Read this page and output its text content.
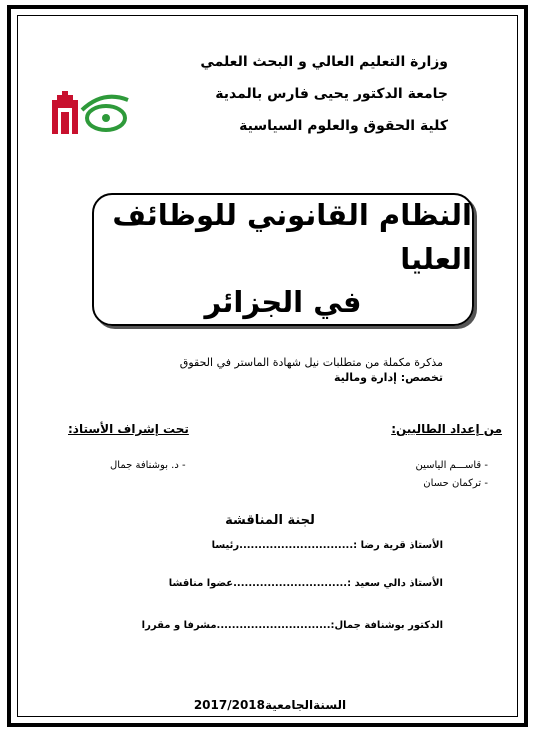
وزارة التعليم العالي و البحث العلمي
جامعة الدكتور يحيى فارس بالمدية
كلية الحقوق والعلوم السياسية
النظام القانوني للوظائف العليا
في الجزائر
مذكرة مكملة من متطلبات نيل شهادة الماستر في الحقوق
تخصص: إدارة ومالية
من إعداد الطالبين:
تحت إشراف الأستاذ:
- قاســـم الياسين
- تركمان حسان
- د. بوشنافة جمال
لجنة المناقشة
الأستاذ قرية رضا :..............................رئيسا
الأستاذ دالي سعيد :..............................عضوا مناقشا
الدكتور بوشنافة جمال:..............................مشرفا و مقررا
السنةالجامعية2017/2018
